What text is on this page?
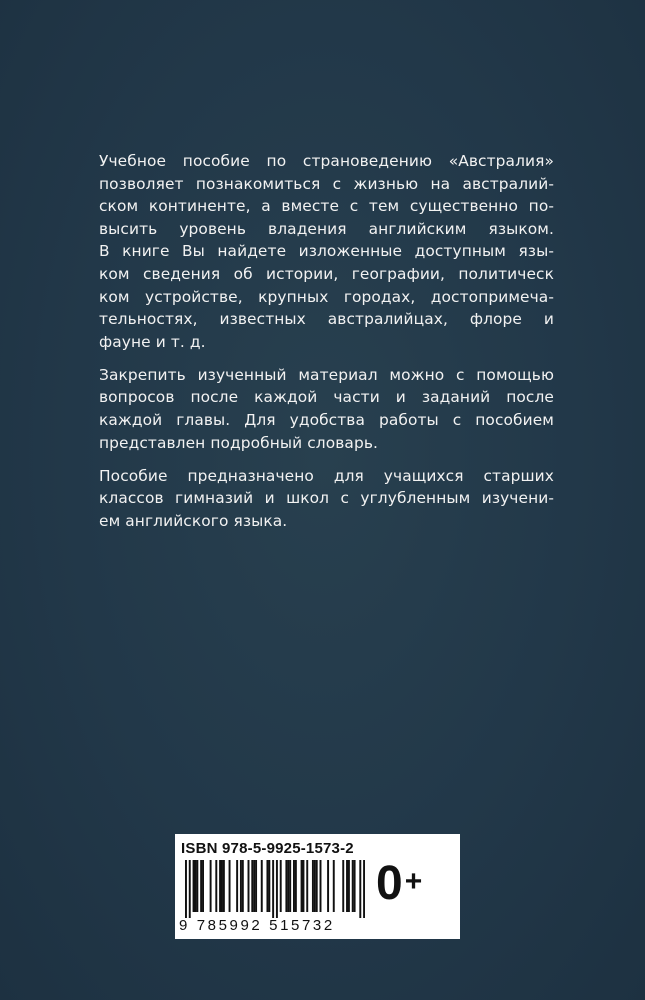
Учебное пособие по страноведению «Австралия»
позволяет познакомиться с жизнью на австралий-
ском континенте, а вместе с тем существенно по-
высить уровень владения английским языком.
В книге Вы найдете изложенные доступным язы-
ком сведения об истории, географии, политическ
ком устройстве, крупных городах, достопримеча-
тельностях, известных австралийцах, флоре и
фауне и т. д.

Закрепить изученный материал можно с помощью
вопросов после каждой части и заданий после
каждой главы. Для удобства работы с пособием
представлен подробный словарь.

Пособие предназначено для учащихся старших
классов гимназий и школ с углубленным изучени-
ем английского языка.

ISBN 978-5-9925-1573-2
9 785992 515732
0+
